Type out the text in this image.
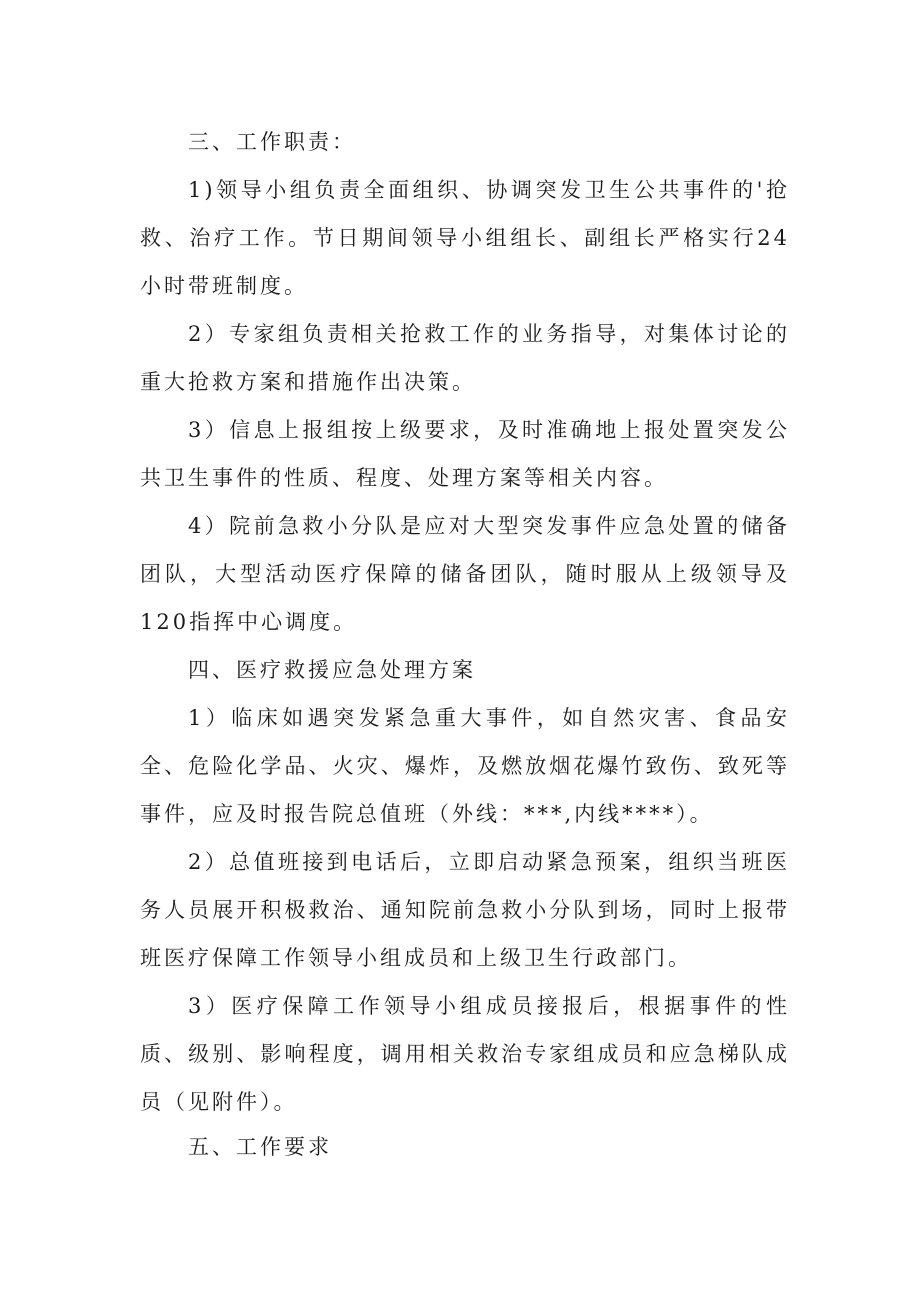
三、工作职责：

1)领导小组负责全面组织、协调突发卫生公共事件的'抢救、治疗工作。节日期间领导小组组长、副组长严格实行24小时带班制度。

2）专家组负责相关抢救工作的业务指导，对集体讨论的重大抢救方案和措施作出决策。

3）信息上报组按上级要求，及时准确地上报处置突发公共卫生事件的性质、程度、处理方案等相关内容。

4）院前急救小分队是应对大型突发事件应急处置的储备团队，大型活动医疗保障的储备团队，随时服从上级领导及120指挥中心调度。

四、医疗救援应急处理方案

1）临床如遇突发紧急重大事件，如自然灾害、食品安全、危险化学品、火灾、爆炸，及燃放烟花爆竹致伤、致死等事件，应及时报告院总值班（外线：***,内线****）。

2）总值班接到电话后，立即启动紧急预案，组织当班医务人员展开积极救治、通知院前急救小分队到场，同时上报带班医疗保障工作领导小组成员和上级卫生行政部门。

3）医疗保障工作领导小组成员接报后，根据事件的性质、级别、影响程度，调用相关救治专家组成员和应急梯队成员（见附件）。

五、工作要求
